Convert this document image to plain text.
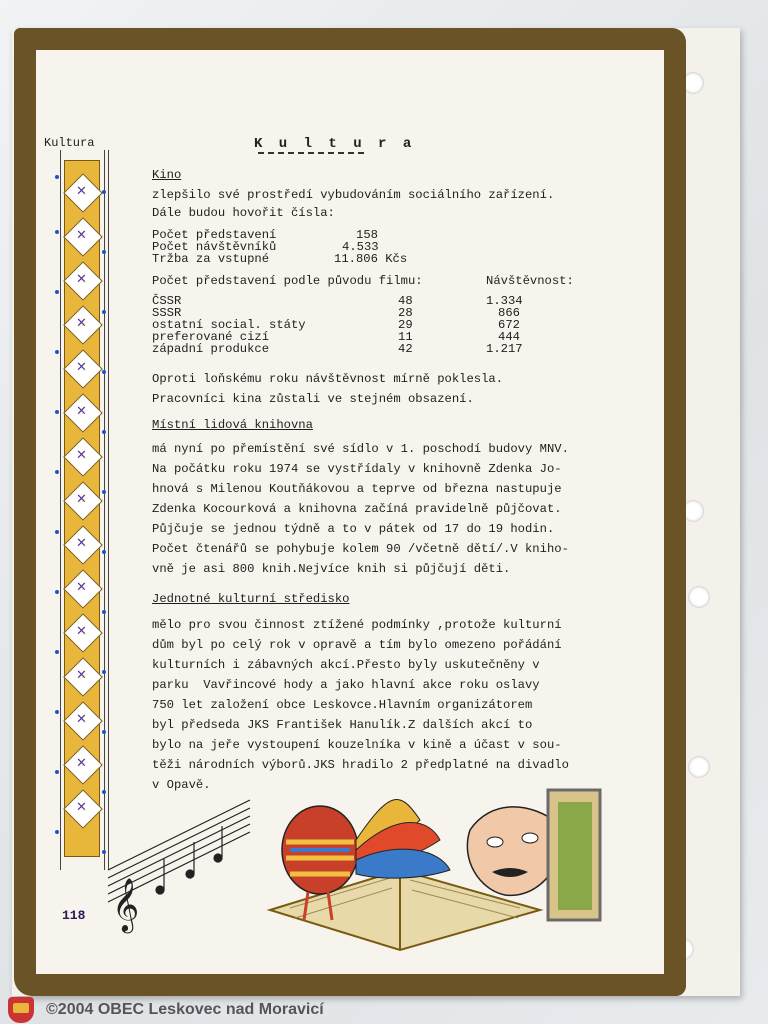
✕
✕
✕
✕
✕
✕
✕
✕
✕
✕
✕
✕
✕
✕
✕
Kultura	K u l t u r a
Kino
zlepšilo své prostředí vybudováním sociálního zařízení.
Dále budou hovořit čísla:
Počet představení	158
Počet návštěvníků	4.533
Tržba za vstupné	11.806 Kčs
Počet představení podle původu filmu:	Návštěvnost:
ČSSR	48	1.334
SSSR	28	866
ostatní social. státy	29	672
preferované cizí	11	444
západní produkce	42	1.217
Oproti loňskému roku návštěvnost mírně poklesla.
Pracovníci kina zůstali ve stejném obsazení.
Místní lidová knihovna
má nyní po přemístění své sídlo v 1. poschodí budovy MNV.
Na počátku roku 1974 se vystřídaly v knihovně Zdenka Jo-
hnová s Milenou Koutňákovou a teprve od března nastupuje
Zdenka Kocourková a knihovna začíná pravidelně půjčovat.
Půjčuje se jednou týdně a to v pátek od 17 do 19 hodin.
Počet čtenářů se pohybuje kolem 90 /včetně dětí/.V kniho-
vně je asi 800 knih.Nejvíce knih si půjčují děti.
Jednotné kulturní středisko
mělo pro svou činnost ztížené podmínky ,protože kulturní
dům byl po celý rok v opravě a tím bylo omezeno pořádání
kulturních i zábavných akcí.Přesto byly uskutečněny v
parku  Vavřincové hody a jako hlavní akce roku oslavy
750 let založení obce Leskovce.Hlavním organizátorem
byl předseda JKS František Hanulík.Z dalších akcí to
bylo na jeře vystoupení kouzelníka v kině a účast v sou-
těži národních výborů.JKS hradilo 2 předplatné na divadlo
v Opavě.
𝄞
118
©2004 OBEC Leskovec nad Moravicí
